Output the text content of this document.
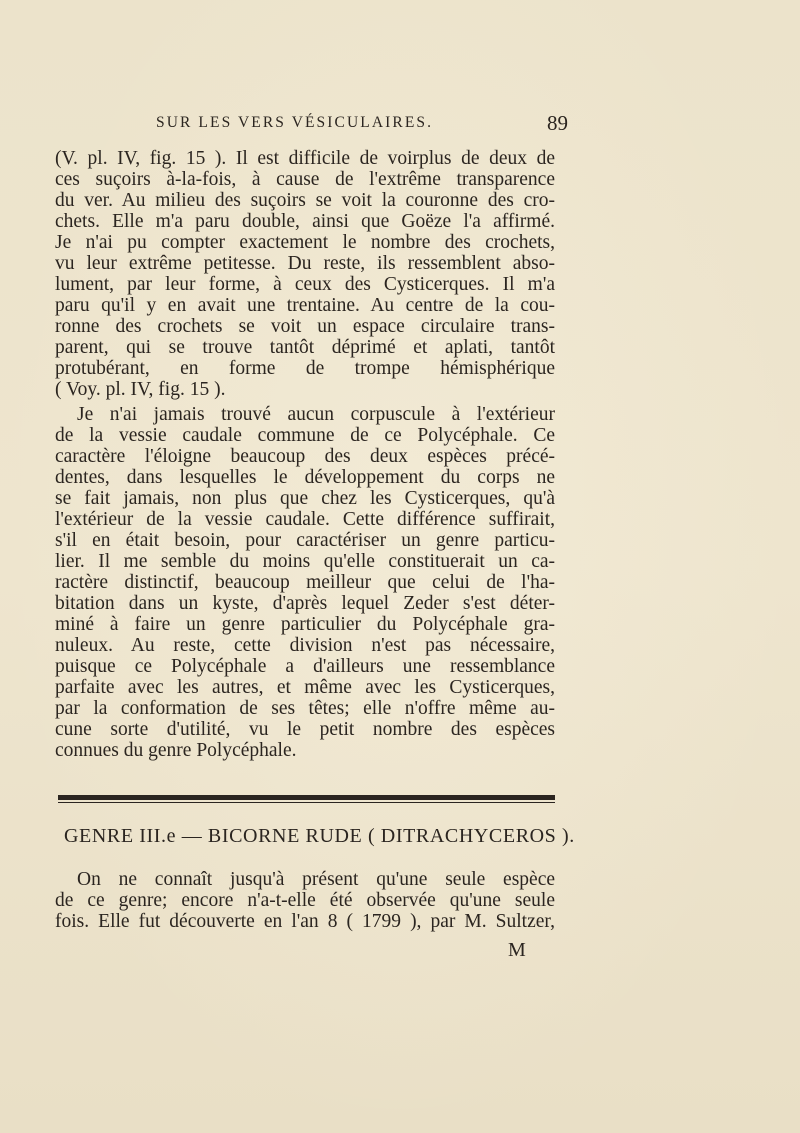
SUR LES VERS VÉSICULAIRES.	89
(V. pl. IV, fig. 15 ). Il est difficile de voirplus de deux de
ces suçoirs à-la-fois, à cause de l'extrême transparence
du ver. Au milieu des suçoirs se voit la couronne des cro-
chets. Elle m'a paru double, ainsi que Goëze l'a affirmé.
Je n'ai pu compter exactement le nombre des crochets,
vu leur extrême petitesse. Du reste, ils ressemblent abso-
lument, par leur forme, à ceux des Cysticerques. Il m'a
paru qu'il y en avait une trentaine. Au centre de la cou-
ronne des crochets se voit un espace circulaire trans-
parent, qui se trouve tantôt déprimé et aplati, tantôt
protubérant, en forme de trompe hémisphérique
( Voy. pl. IV, fig. 15 ).
Je n'ai jamais trouvé aucun corpuscule à l'extérieur
de la vessie caudale commune de ce Polycéphale. Ce
caractère l'éloigne beaucoup des deux espèces précé-
dentes, dans lesquelles le développement du corps ne
se fait jamais, non plus que chez les Cysticerques, qu'à
l'extérieur de la vessie caudale. Cette différence suffirait,
s'il en était besoin, pour caractériser un genre particu-
lier. Il me semble du moins qu'elle constituerait un ca-
ractère distinctif, beaucoup meilleur que celui de l'ha-
bitation dans un kyste, d'après lequel Zeder s'est déter-
miné à faire un genre particulier du Polycéphale gra-
nuleux. Au reste, cette division n'est pas nécessaire,
puisque ce Polycéphale a d'ailleurs une ressemblance
parfaite avec les autres, et même avec les Cysticerques,
par la conformation de ses têtes; elle n'offre même au-
cune sorte d'utilité, vu le petit nombre des espèces
connues du genre Polycéphale.
GENRE III.e — BICORNE RUDE ( DITRACHYCEROS ).
On ne connaît jusqu'à présent qu'une seule espèce
de ce genre; encore n'a-t-elle été observée qu'une seule
fois. Elle fut découverte en l'an 8 ( 1799 ), par M. Sultzer,
M
